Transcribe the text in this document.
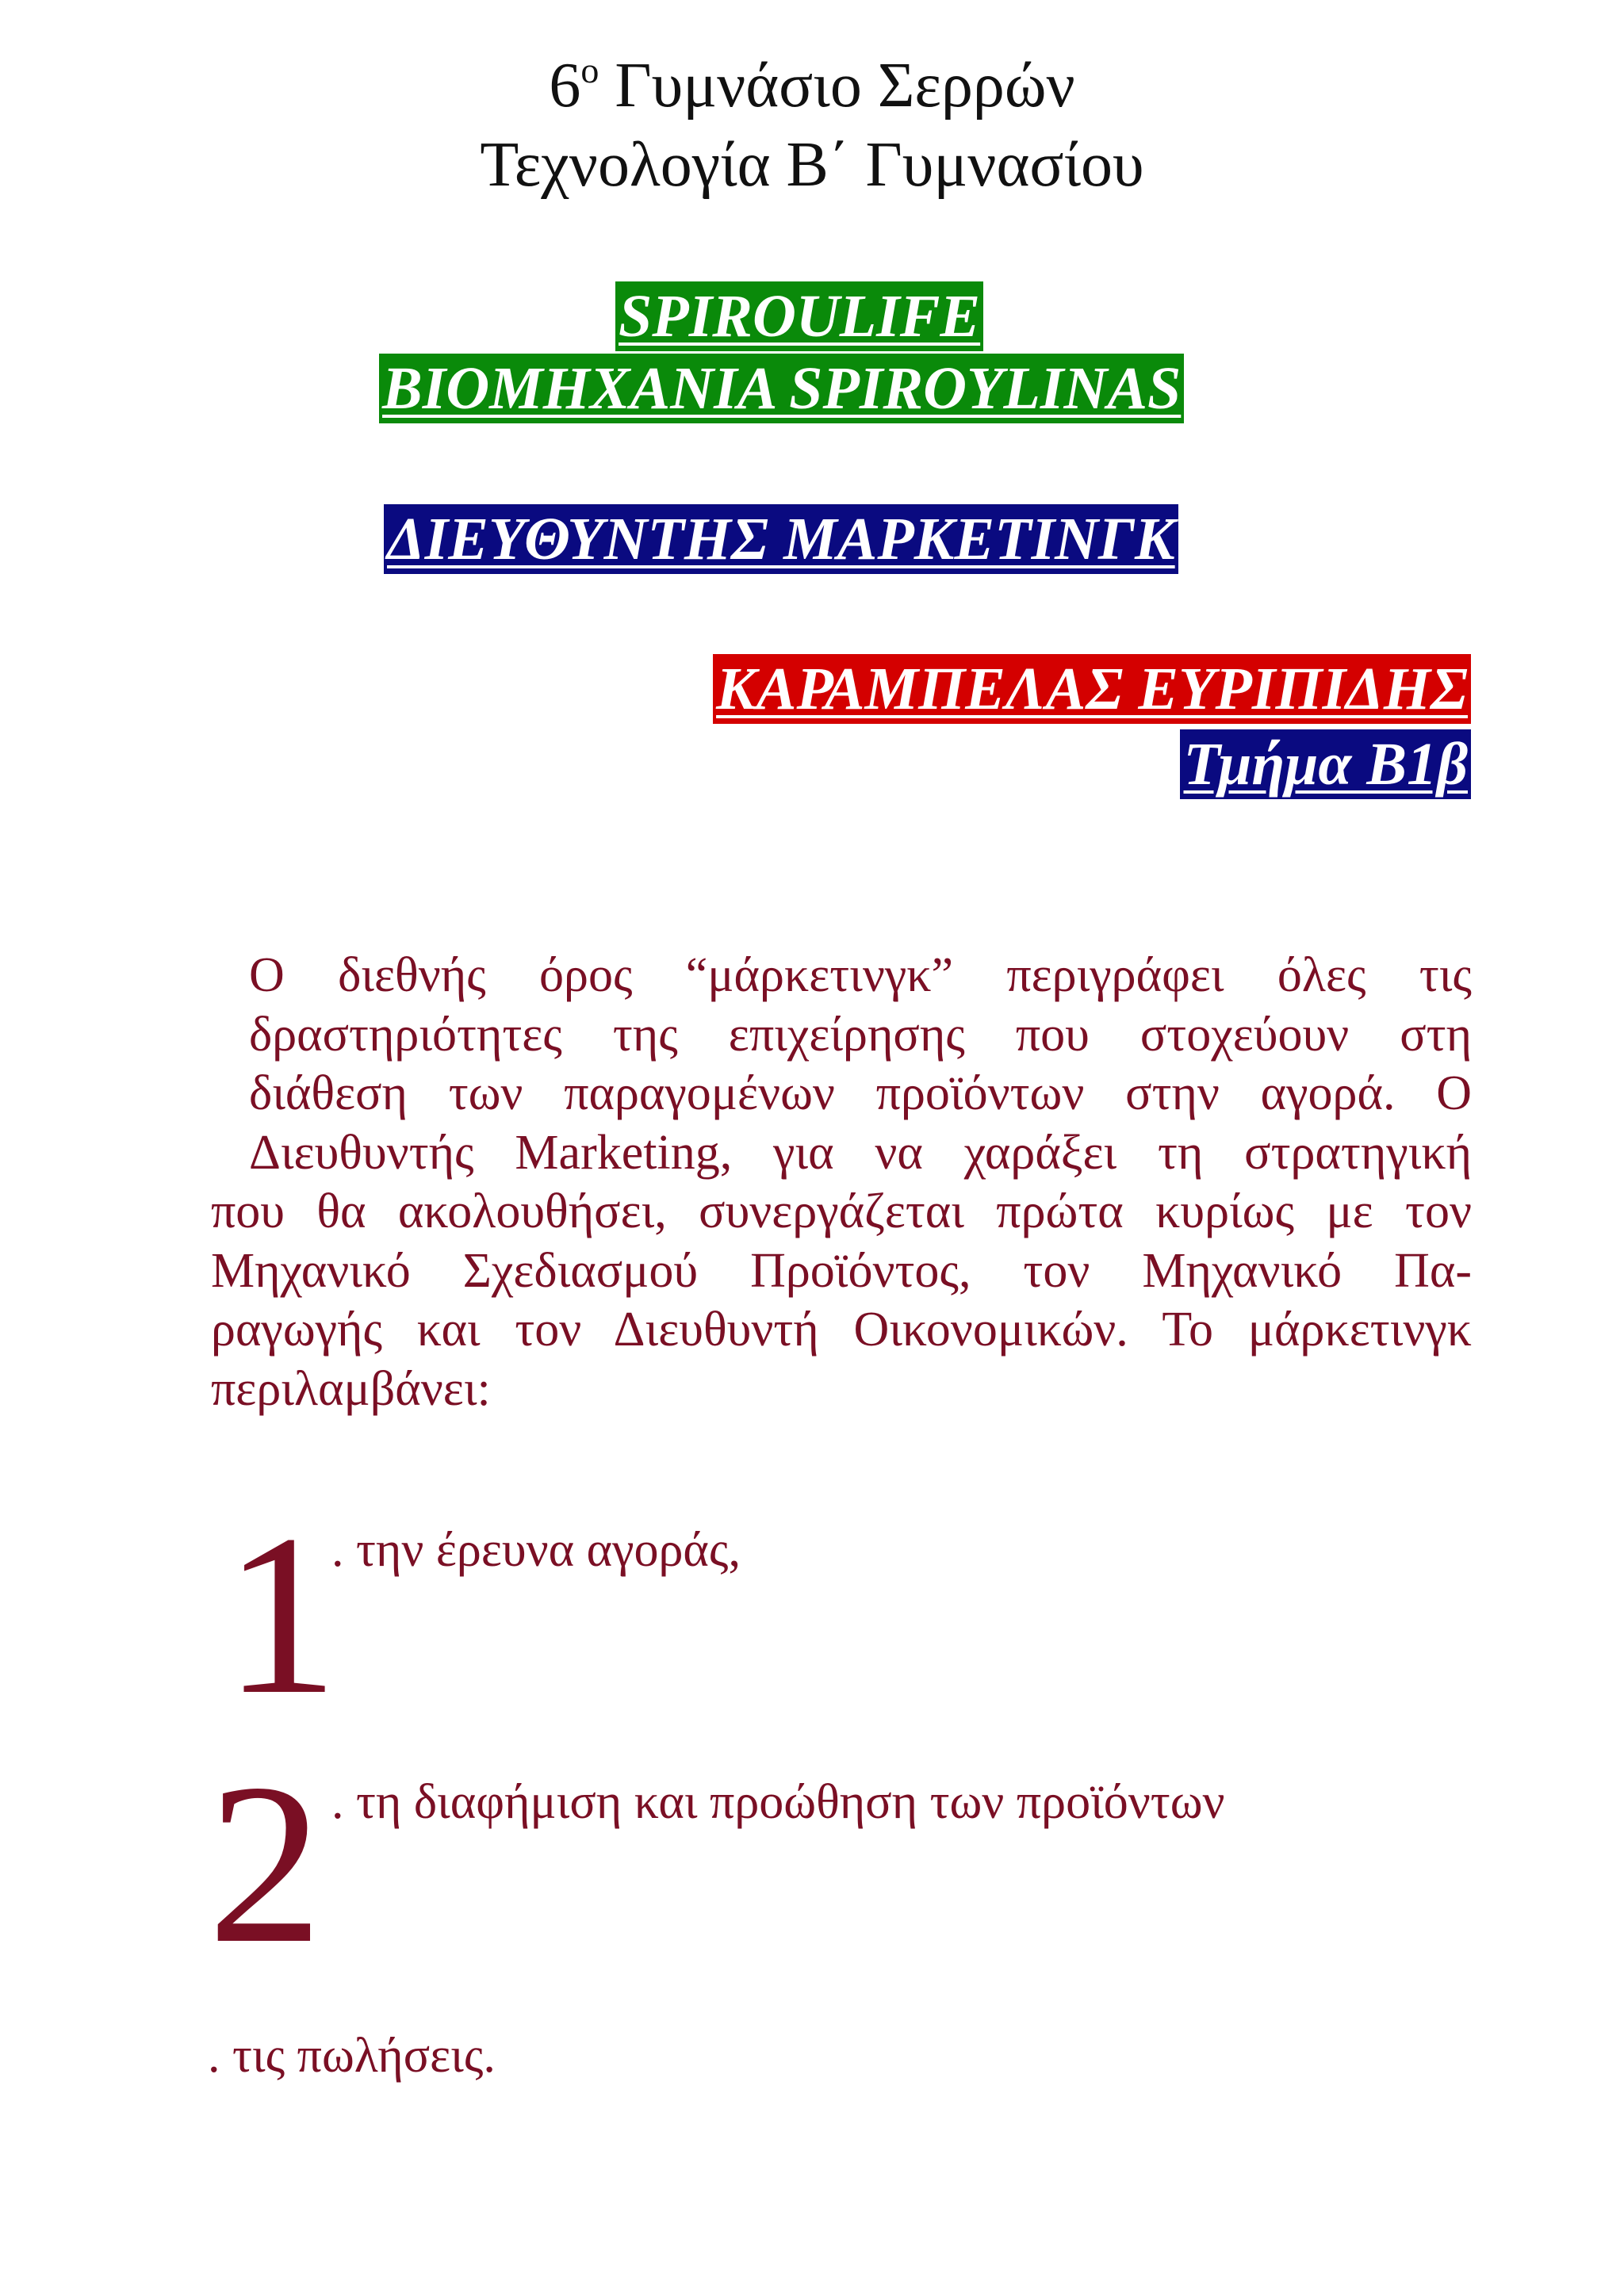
$6^o$ Γυμνάσιο Σερρών
Τεχνολογία Β΄ Γυμνασίου
SPIROULIFE
ΒΙΟΜΗΧΑΝΙΑ SPIROYLINAS
ΔΙΕΥΘΥΝΤΗΣ ΜΑΡΚΕΤΙΝΓΚ
ΚΑΡΑΜΠΕΛΑΣ ΕΥΡΙΠΙΔΗΣ
Τμήμα Β1β
Ο διεθνής όρος “μάρκετινγκ” περιγράφει όλες τις
δραστηριότητες της επιχείρησης που στοχεύουν στη
διάθεση των παραγομένων προϊόντων στην αγορά. Ο
Διευθυντής Marketing, για να χαράξει τη στρατηγική
που θα ακολουθήσει, συνεργάζεται πρώτα κυρίως με τον
Μηχανικό Σχεδιασμού Προϊόντος, τον Μηχανικό Πα-
ραγωγής και τον Διευθυντή Οικονομικών. Το μάρκετινγκ
περιλαμβάνει:
1
. την έρευνα αγοράς,
2 . τη διαφήμιση και προώθηση των προϊόντων
. τις πωλήσεις.
